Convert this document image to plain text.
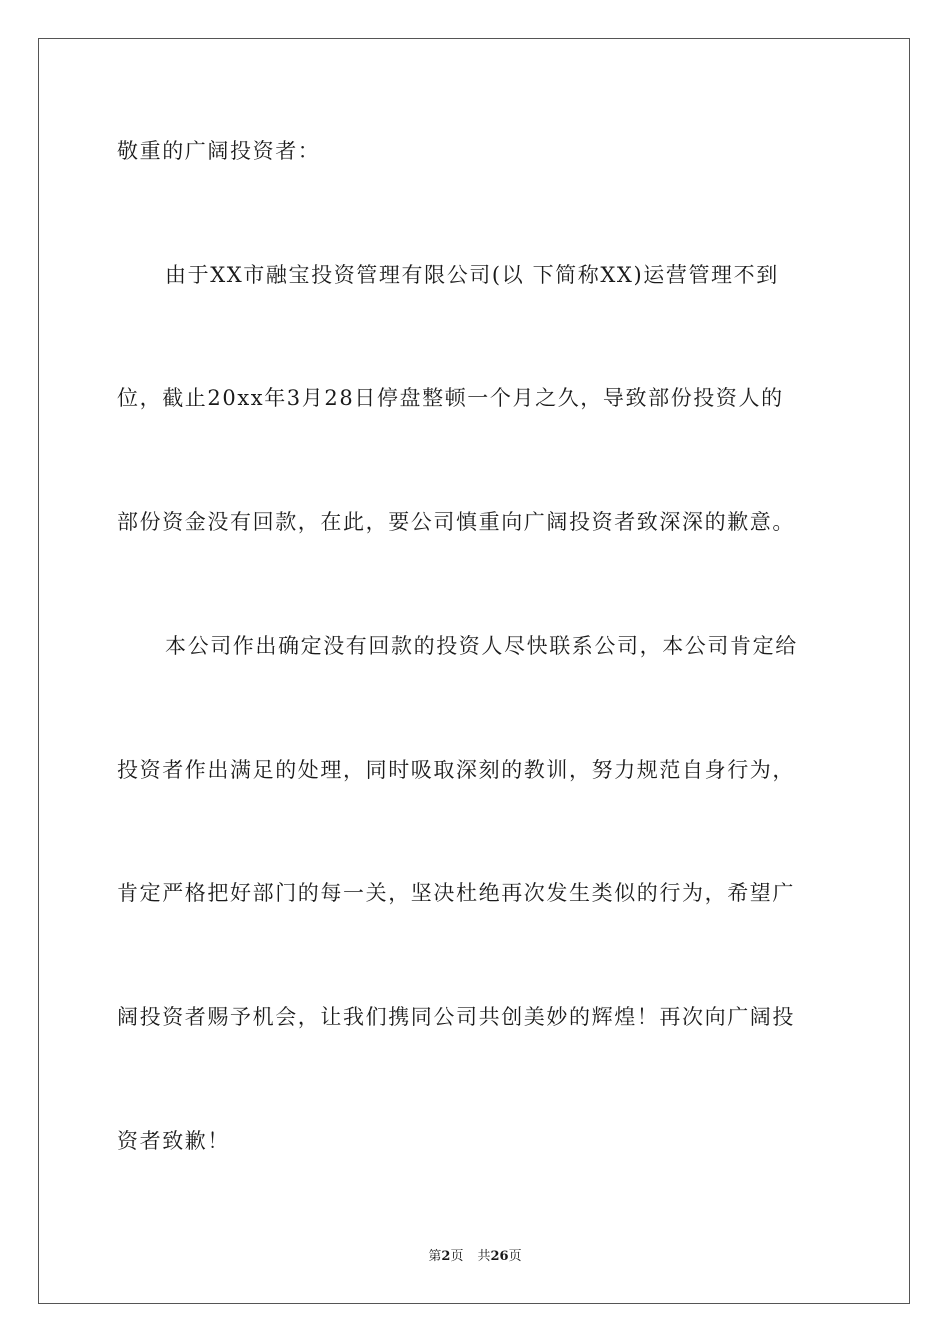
敬重的广阔投资者：
由于XX市融宝投资管理有限公司(以 下简称XX)运营管理不到
位，截止20xx年3月28日停盘整顿一个月之久，导致部份投资人的
部份资金没有回款，在此，要公司慎重向广阔投资者致深深的歉意。
本公司作出确定没有回款的投资人尽快联系公司，本公司肯定给
投资者作出满足的处理，同时吸取深刻的教训，努力规范自身行为，
肯定严格把好部门的每一关，坚决杜绝再次发生类似的行为，希望广
阔投资者赐予机会，让我们携同公司共创美妙的辉煌！再次向广阔投
资者致歉！
第2页 共26页
